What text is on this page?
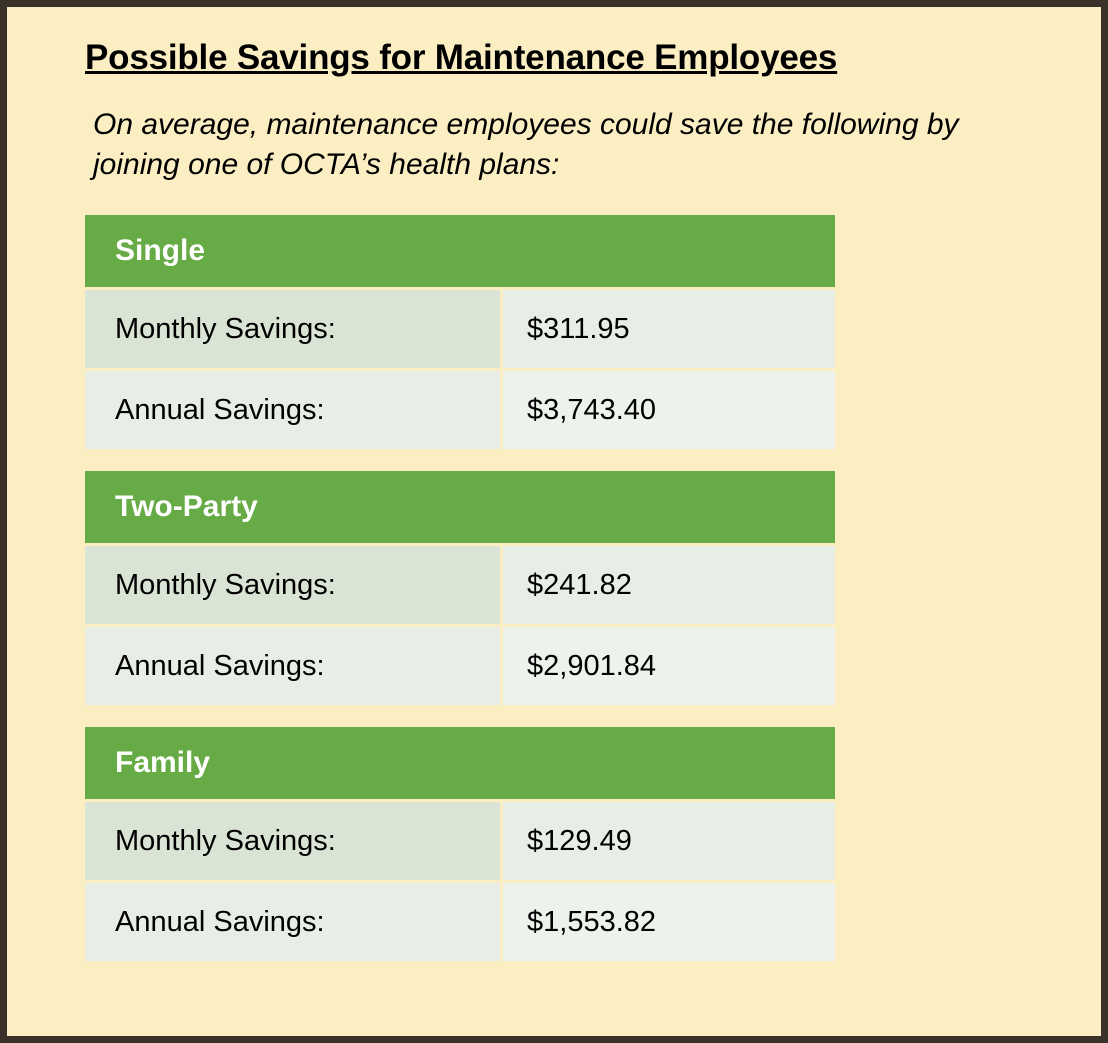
Possible Savings for Maintenance Employees

On average, maintenance employees could save the following by joining one of OCTA’s health plans:

Single
Monthly Savings:	$311.95
Annual Savings:	$3,743.40
Two-Party
Monthly Savings:	$241.82
Annual Savings:	$2,901.84
Family
Monthly Savings:	$129.49
Annual Savings:	$1,553.82
